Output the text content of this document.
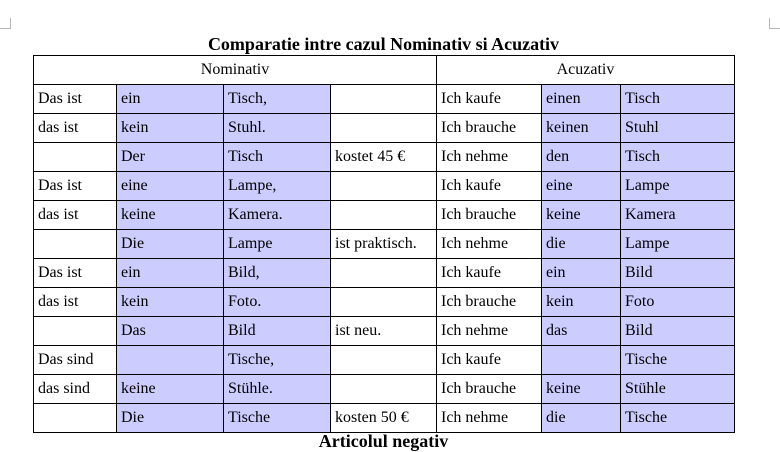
Comparatie intre cazul Nominativ si Acuzativ
Nominativ				Acuzativ		
Das ist	ein	Tisch,		Ich kaufe	einen	Tisch
das ist	kein	Stuhl.		Ich brauche	keinen	Stuhl
	Der	Tisch	kostet 45 €	Ich nehme	den	Tisch
Das ist	eine	Lampe,		Ich kaufe	eine	Lampe
das ist	keine	Kamera.		Ich brauche	keine	Kamera
	Die	Lampe	ist praktisch.	Ich nehme	die	Lampe
Das ist	ein	Bild,		Ich kaufe	ein	Bild
das ist	kein	Foto.		Ich brauche	kein	Foto
	Das	Bild	ist neu.	Ich nehme	das	Bild
Das sind		Tische,		Ich kaufe		Tische
das sind	keine	Stühle.		Ich brauche	keine	Stühle
	Die	Tische	kosten 50 €	Ich nehme	die	Tische
Articolul negativ
